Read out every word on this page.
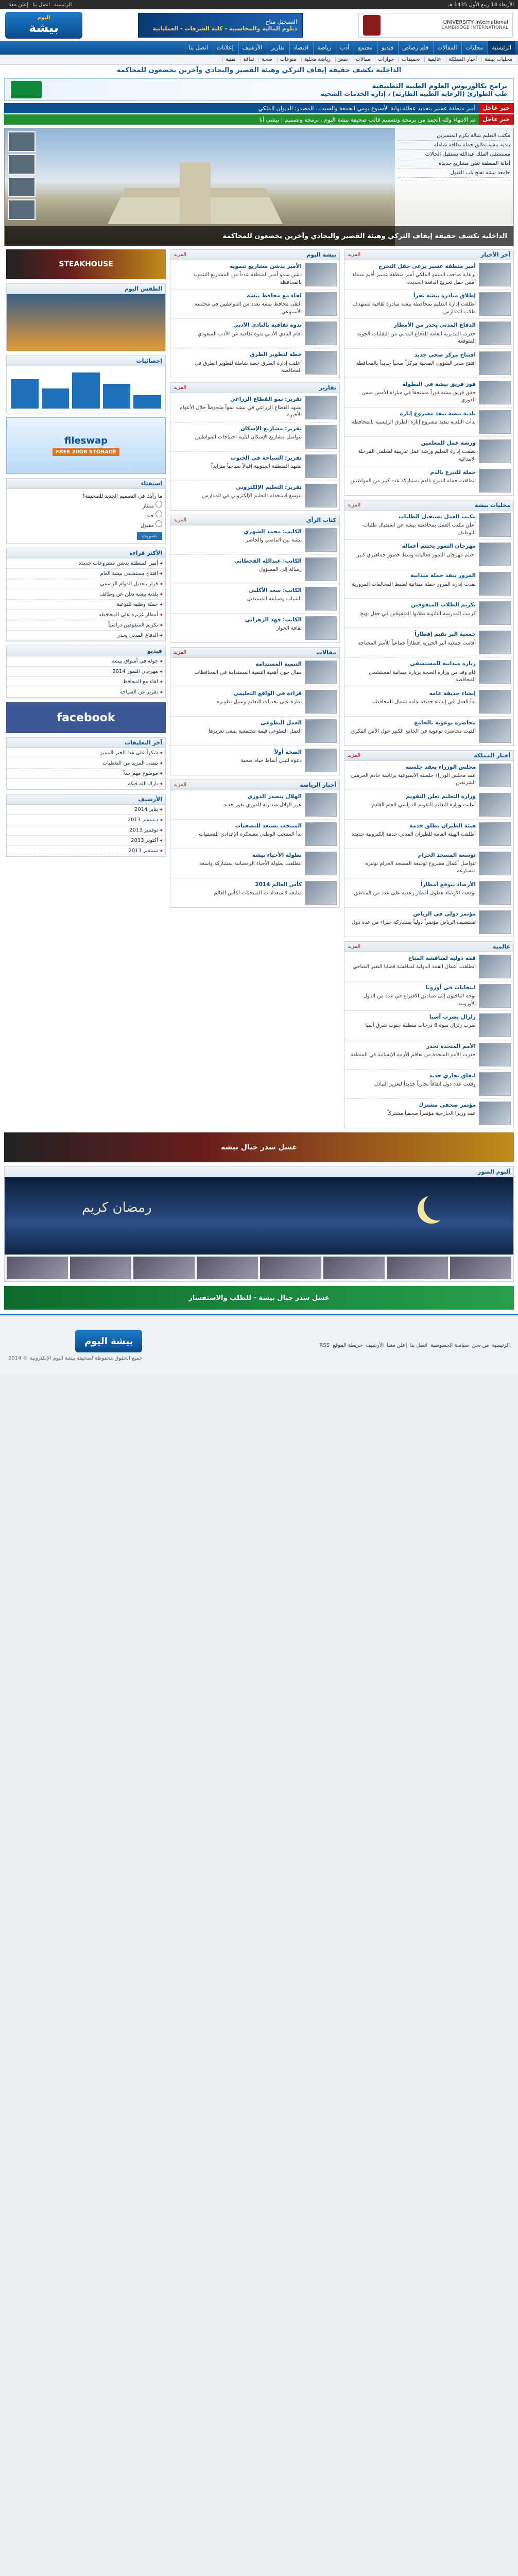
الأربعاء 18 ربيع الأول 1435 هـ
الرئيسيةاتصل بناإعلن معنا
UNIVERSITY International
CAMBRIDGE INTERNATIONAL
التسجيل متاح
دبلوم المالية والمحاسبية - كلية الشرقات - العملياتية
اليوم
بيشة
الرئيسية
محليات
المقالات
قلم رصاص
فيديو
مجتمع
أدب
رياضة
اقتصاد
تقارير
الأرشيف
إعلانات
اتصل بنا
محليات بيشة
أخبار المملكة
عالمية
تحقيقات
حوارات
مقالات
شعر
رياضة محلية
منوعات
صحة
ثقافة
تقنية
الداخلية تكشف حقيقة إيقاف التركي وهيئة القصير والبجادي وآخرين يخضعون للمحاكمة
برامج بكالوريوس العلوم الطبية التطبيقية
طب الطوارئ (الرعاية الطبية الطارئة) ، إدارة الخدمات الصحية
خبر عاجل
أمير منطقة عسير بتحديد عطلة نهاية الأسبوع يومي الجمعة والسبت.. المصدر: الديوان الملكي
خبر عاجل
تم الانتهاء ولله الحمد من برمجة وتصميم قالب صحيفة بيشة اليوم.. برمجة وتصميم : بيشي أنا
مكتب التعليم بتبالة يكرم المتميزين
بلدية بيشة تطلق حملة نظافة شاملة
مستشفى الملك عبدالله يستقبل الحالات
أمانة المنطقة تعلن مشاريع جديدة
جامعة بيشة تفتح باب القبول
الداخلية تكشف حقيقة إيقاف التركي وهيئة القصير والبجادي وآخرين يخضعون للمحاكمة
آخر الأخبار
المزيد
أمير منطقة عسير يرعى حفل التخرج
برعاية صاحب السمو الملكي أمير منطقة عسير أقيم مساء أمس حفل تخريج الدفعة الجديدة
إطلاق مبادرة بيشة تقرأ
أطلقت إدارة التعليم بمحافظة بيشة مبادرة ثقافية تستهدف طلاب المدارس
الدفاع المدني يحذر من الأمطار
حذرت المديرية العامة للدفاع المدني من التقلبات الجوية المتوقعة
افتتاح مركز صحي جديد
افتتح مدير الشؤون الصحية مركزاً صحياً جديداً بالمحافظة
فوز فريق بيشة في البطولة
حقق فريق بيشة فوزاً مستحقاً في مباراة الأمس ضمن الدوري
بلدية بيشة تنفذ مشروع إنارة
بدأت البلدية تنفيذ مشروع إنارة الطرق الرئيسية بالمحافظة
ورشة عمل للمعلمين
نظمت إدارة التعليم ورشة عمل تدريبية لمعلمي المرحلة الابتدائية
حملة للتبرع بالدم
انطلقت حملة للتبرع بالدم بمشاركة عدد كبير من المواطنين
محليات بيشة
المزيد
مكتب العمل يستقبل الطلبات
أعلن مكتب العمل بمحافظة بيشة عن استقبال طلبات التوظيف
مهرجان التمور يختتم أعماله
اختتم مهرجان التمور فعالياته وسط حضور جماهيري كبير
المرور ينفذ حملة ميدانية
نفذت إدارة المرور حملة ميدانية لضبط المخالفات المرورية
تكريم الطلاب المتفوقين
كرمت المدرسة الثانوية طلابها المتفوقين في حفل بهيج
جمعية البر تقيم إفطاراً
أقامت جمعية البر الخيرية إفطاراً جماعياً للأسر المحتاجة
زيارة ميدانية للمستشفى
قام وفد من وزارة الصحة بزيارة ميدانية لمستشفى المحافظة
إنشاء حديقة عامة
بدأ العمل في إنشاء حديقة عامة شمال المحافظة
محاضرة توعوية بالجامع
ألقيت محاضرة توعوية في الجامع الكبير حول الأمن الفكري
أخبار المملكة
المزيد
مجلس الوزراء يعقد جلسته
عقد مجلس الوزراء جلسته الأسبوعية برئاسة خادم الحرمين الشريفين
وزارة التعليم تعلن التقويم
أعلنت وزارة التعليم التقويم الدراسي للعام القادم
هيئة الطيران تطلق خدمة
أطلقت الهيئة العامة للطيران المدني خدمة إلكترونية جديدة
توسعة المسجد الحرام
تتواصل أعمال مشروع توسعة المسجد الحرام بوتيرة متسارعة
الأرصاد تتوقع أمطاراً
توقعت الأرصاد هطول أمطار رعدية على عدد من المناطق
مؤتمر دولي في الرياض
تستضيف الرياض مؤتمراً دولياً بمشاركة خبراء من عدة دول
عالمية
المزيد
قمة دولية لمناقشة المناخ
انطلقت أعمال القمة الدولية لمناقشة قضايا التغير المناخي
انتخابات في أوروبا
توجه الناخبون إلى صناديق الاقتراع في عدد من الدول الأوروبية
زلزال يضرب آسيا
ضرب زلزال بقوة 6 درجات منطقة جنوب شرق آسيا
الأمم المتحدة تحذر
حذرت الأمم المتحدة من تفاقم الأزمة الإنسانية في المنطقة
اتفاق تجاري جديد
وقعت عدة دول اتفاقاً تجارياً جديداً لتعزيز التبادل
مؤتمر صحفي مشترك
عقد وزيرا الخارجية مؤتمراً صحفياً مشتركاً
بيشة اليوم
المزيد
الأمير يدشن مشاريع تنموية
دشن سمو أمير المنطقة عدداً من المشاريع التنموية بالمحافظة
لقاء مع محافظ بيشة
التقى محافظ بيشة بعدد من المواطنين في مجلسه الأسبوعي
ندوة ثقافية بالنادي الأدبي
أقام النادي الأدبي ندوة ثقافية عن الأدب السعودي
خطة لتطوير الطرق
أعلنت إدارة الطرق خطة شاملة لتطوير الطرق في المحافظة
تقارير
المزيد
تقرير: نمو القطاع الزراعي
يشهد القطاع الزراعي في بيشة نمواً ملحوظاً خلال الأعوام الأخيرة
تقرير: مشاريع الإسكان
تتواصل مشاريع الإسكان لتلبية احتياجات المواطنين
تقرير: السياحة في الجنوب
تشهد المنطقة الجنوبية إقبالاً سياحياً متزايداً
تقرير: التعليم الإلكتروني
يتوسع استخدام التعليم الإلكتروني في المدارس
كتاب الرأي
المزيد
الكاتب: محمد الشهري
بيشة بين الماضي والحاضر
الكاتب: عبدالله القحطاني
رسالة إلى المسؤول
الكاتب: سعد الأكلبي
الشباب وصناعة المستقبل
الكاتب: فهد الزهراني
ثقافة الحوار
مقالات
المزيد
التنمية المستدامة
مقال حول أهمية التنمية المستدامة في المحافظات
قراءة في الواقع التعليمي
نظرة على تحديات التعليم وسبل تطويره
العمل التطوعي
العمل التطوعي قيمة مجتمعية ينبغي تعزيزها
الصحة أولاً
دعوة لتبني أنماط حياة صحية
أخبار الرياضة
المزيد
الهلال يتصدر الدوري
عزز الهلال صدارته للدوري بفوز جديد
المنتخب يستعد للتصفيات
بدأ المنتخب الوطني معسكره الإعدادي للتصفيات
بطولة الأحياء بيشة
انطلقت بطولة الأحياء الرمضانية بمشاركة واسعة
كأس العالم 2014
متابعة لاستعدادات المنتخبات لكأس العالم
STEAKHOUSE
الطقس اليوم
إحصائيات
fileswap
FREE 20GB STORAGE
استفتاء
ما رأيك في التصميم الجديد للصحيفة؟
ممتاز
جيد
مقبول
تصويت
الأكثر قراءة
◂ أمير المنطقة يدشن مشروعات جديدة
◂ افتتاح مستشفى بيشة العام
◂ قرار بتعديل الدوام الرسمي
◂ بلدية بيشة تعلن عن وظائف
◂ حملة وطنية للتوعية
◂ أمطار غزيرة على المحافظة
◂ تكريم المتفوقين دراسياً
◂ الدفاع المدني يحذر
فيديو
◂ جولة في أسواق بيشة
◂ مهرجان التمور 2014
◂ لقاء مع المحافظ
◂ تقرير عن السياحة
facebook
آخر التعليقات
◂ شكراً على هذا الخبر المميز
◂ نتمنى المزيد من التغطيات
◂ موضوع مهم جداً
◂ بارك الله فيكم
الأرشيف
◂ يناير 2014
◂ ديسمبر 2013
◂ نوفمبر 2013
◂ أكتوبر 2013
◂ سبتمبر 2013
عسل سدر جبال بيشة
ألبوم الصور
رمضان كريم
عسل سدر جبال بيشة - للطلب والاستفسار
الرئيسية
من نحن
سياسة الخصوصية
اتصل بنا
إعلن معنا
الأرشيف
خريطة الموقع
RSS
بيشة اليوم
جميع الحقوق محفوظة لصحيفة بيشة اليوم الإلكترونية © 2014
